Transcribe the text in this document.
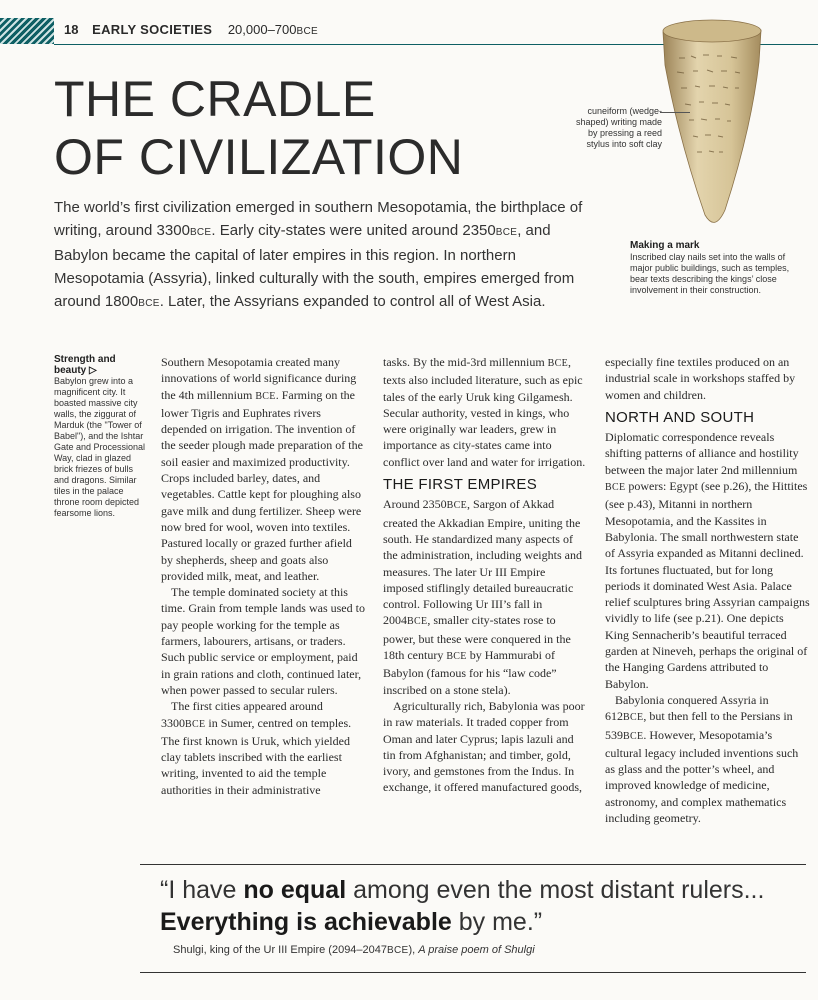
18 EARLY SOCIETIES 20,000–700BCE
THE CRADLE
OF CIVILIZATION

The world’s first civilization emerged in southern Mesopotamia, the birthplace of writing, around 3300BCE. Early city-states were united around 2350BCE, and Babylon became the capital of later empires in this region. In northern Mesopotamia (Assyria), linked culturally with the south, empires emerged from around 1800BCE. Later, the Assyrians expanded to control all of West Asia.

cuneiform (wedge-shaped) writing made by pressing a reed stylus into soft clay
Making a mark
Inscribed clay nails set into the walls of major public buildings, such as temples, bear texts describing the kings’ close involvement in their construction.
Strength and beauty ▷
Babylon grew into a magnificent city. It boasted massive city walls, the ziggurat of Marduk (the "Tower of Babel"), and the Ishtar Gate and Processional Way, clad in glazed brick friezes of bulls and dragons. Similar tiles in the palace throne room depicted fearsome lions.

Southern Mesopotamia created many innovations of world significance during the 4th millennium BCE. Farming on the lower Tigris and Euphrates rivers depended on irrigation. The invention of the seeder plough made preparation of the soil easier and maximized productivity. Crops included barley, dates, and vegetables. Cattle kept for ploughing also gave milk and dung fertilizer. Sheep were now bred for wool, woven into textiles. Pastured locally or grazed further afield by shepherds, sheep and goats also provided milk, meat, and leather.

The temple dominated society at this time. Grain from temple lands was used to pay people working for the temple as farmers, labourers, artisans, or traders. Such public service or employment, paid in grain rations and cloth, continued later, when power passed to secular rulers.

The first cities appeared around 3300BCE in Sumer, centred on temples. The first known is Uruk, which yielded clay tablets inscribed with the earliest writing, invented to aid the temple authorities in their administrative

tasks. By the mid-3rd millennium BCE, texts also included literature, such as epic tales of the early Uruk king Gilgamesh. Secular authority, vested in kings, who were originally war leaders, grew in importance as city-states came into conflict over land and water for irrigation.

THE FIRST EMPIRES

Around 2350BCE, Sargon of Akkad created the Akkadian Empire, uniting the south. He standardized many aspects of the administration, including weights and measures. The later Ur III Empire imposed stiflingly detailed bureaucratic control. Following Ur III’s fall in 2004BCE, smaller city-states rose to power, but these were conquered in the 18th century BCE by Hammurabi of Babylon (famous for his “law code” inscribed on a stone stela).

Agriculturally rich, Babylonia was poor in raw materials. It traded copper from Oman and later Cyprus; lapis lazuli and tin from Afghanistan; and timber, gold, ivory, and gemstones from the Indus. In exchange, it offered manufactured goods,

especially fine textiles produced on an industrial scale in workshops staffed by women and children.

NORTH AND SOUTH

Diplomatic correspondence reveals shifting patterns of alliance and hostility between the major later 2nd millennium BCE powers: Egypt (see p.26), the Hittites (see p.43), Mitanni in northern Mesopotamia, and the Kassites in Babylonia. The small northwestern state of Assyria expanded as Mitanni declined.

Its fortunes fluctuated, but for long periods it dominated West Asia. Palace relief sculptures bring Assyrian campaigns vividly to life (see p.21). One depicts King Sennacherib’s beautiful terraced garden at Nineveh, perhaps the original of the Hanging Gardens attributed to Babylon.

Babylonia conquered Assyria in 612BCE, but then fell to the Persians in 539BCE. However, Mesopotamia’s cultural legacy included inventions such as glass and the potter’s wheel, and improved knowledge of medicine, astronomy, and complex mathematics including geometry.

“I have no equal among even the most distant rulers... Everything is achievable by me.”

Shulgi, king of the Ur III Empire (2094–2047BCE), A praise poem of Shulgi
